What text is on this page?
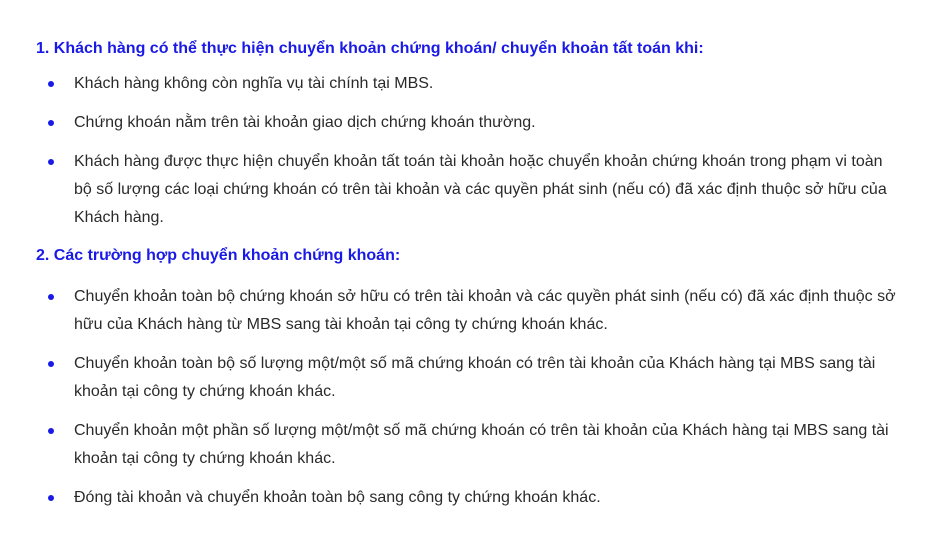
1. Khách hàng có thể thực hiện chuyển khoản chứng khoán/ chuyển khoản tất toán khi:
Khách hàng không còn nghĩa vụ tài chính tại MBS.
Chứng khoán nằm trên tài khoản giao dịch chứng khoán thường.
Khách hàng được thực hiện chuyển khoản tất toán tài khoản hoặc chuyển khoản chứng khoán trong phạm vi toàn bộ số lượng các loại chứng khoán có trên tài khoản và các quyền phát sinh (nếu có) đã xác định thuộc sở hữu của Khách hàng.
2. Các trường hợp chuyển khoản chứng khoán:
Chuyển khoản toàn bộ chứng khoán sở hữu có trên tài khoản và các quyền phát sinh (nếu có) đã xác định thuộc sở hữu của Khách hàng từ MBS sang tài khoản tại công ty chứng khoán khác.
Chuyển khoản toàn bộ số lượng một/một số mã chứng khoán có trên tài khoản của Khách hàng tại MBS sang tài khoản tại công ty chứng khoán khác.
Chuyển khoản một phần số lượng một/một số mã chứng khoán có trên tài khoản của Khách hàng tại MBS sang tài khoản tại công ty chứng khoán khác.
Đóng tài khoản và chuyển khoản toàn bộ sang công ty chứng khoán khác.
